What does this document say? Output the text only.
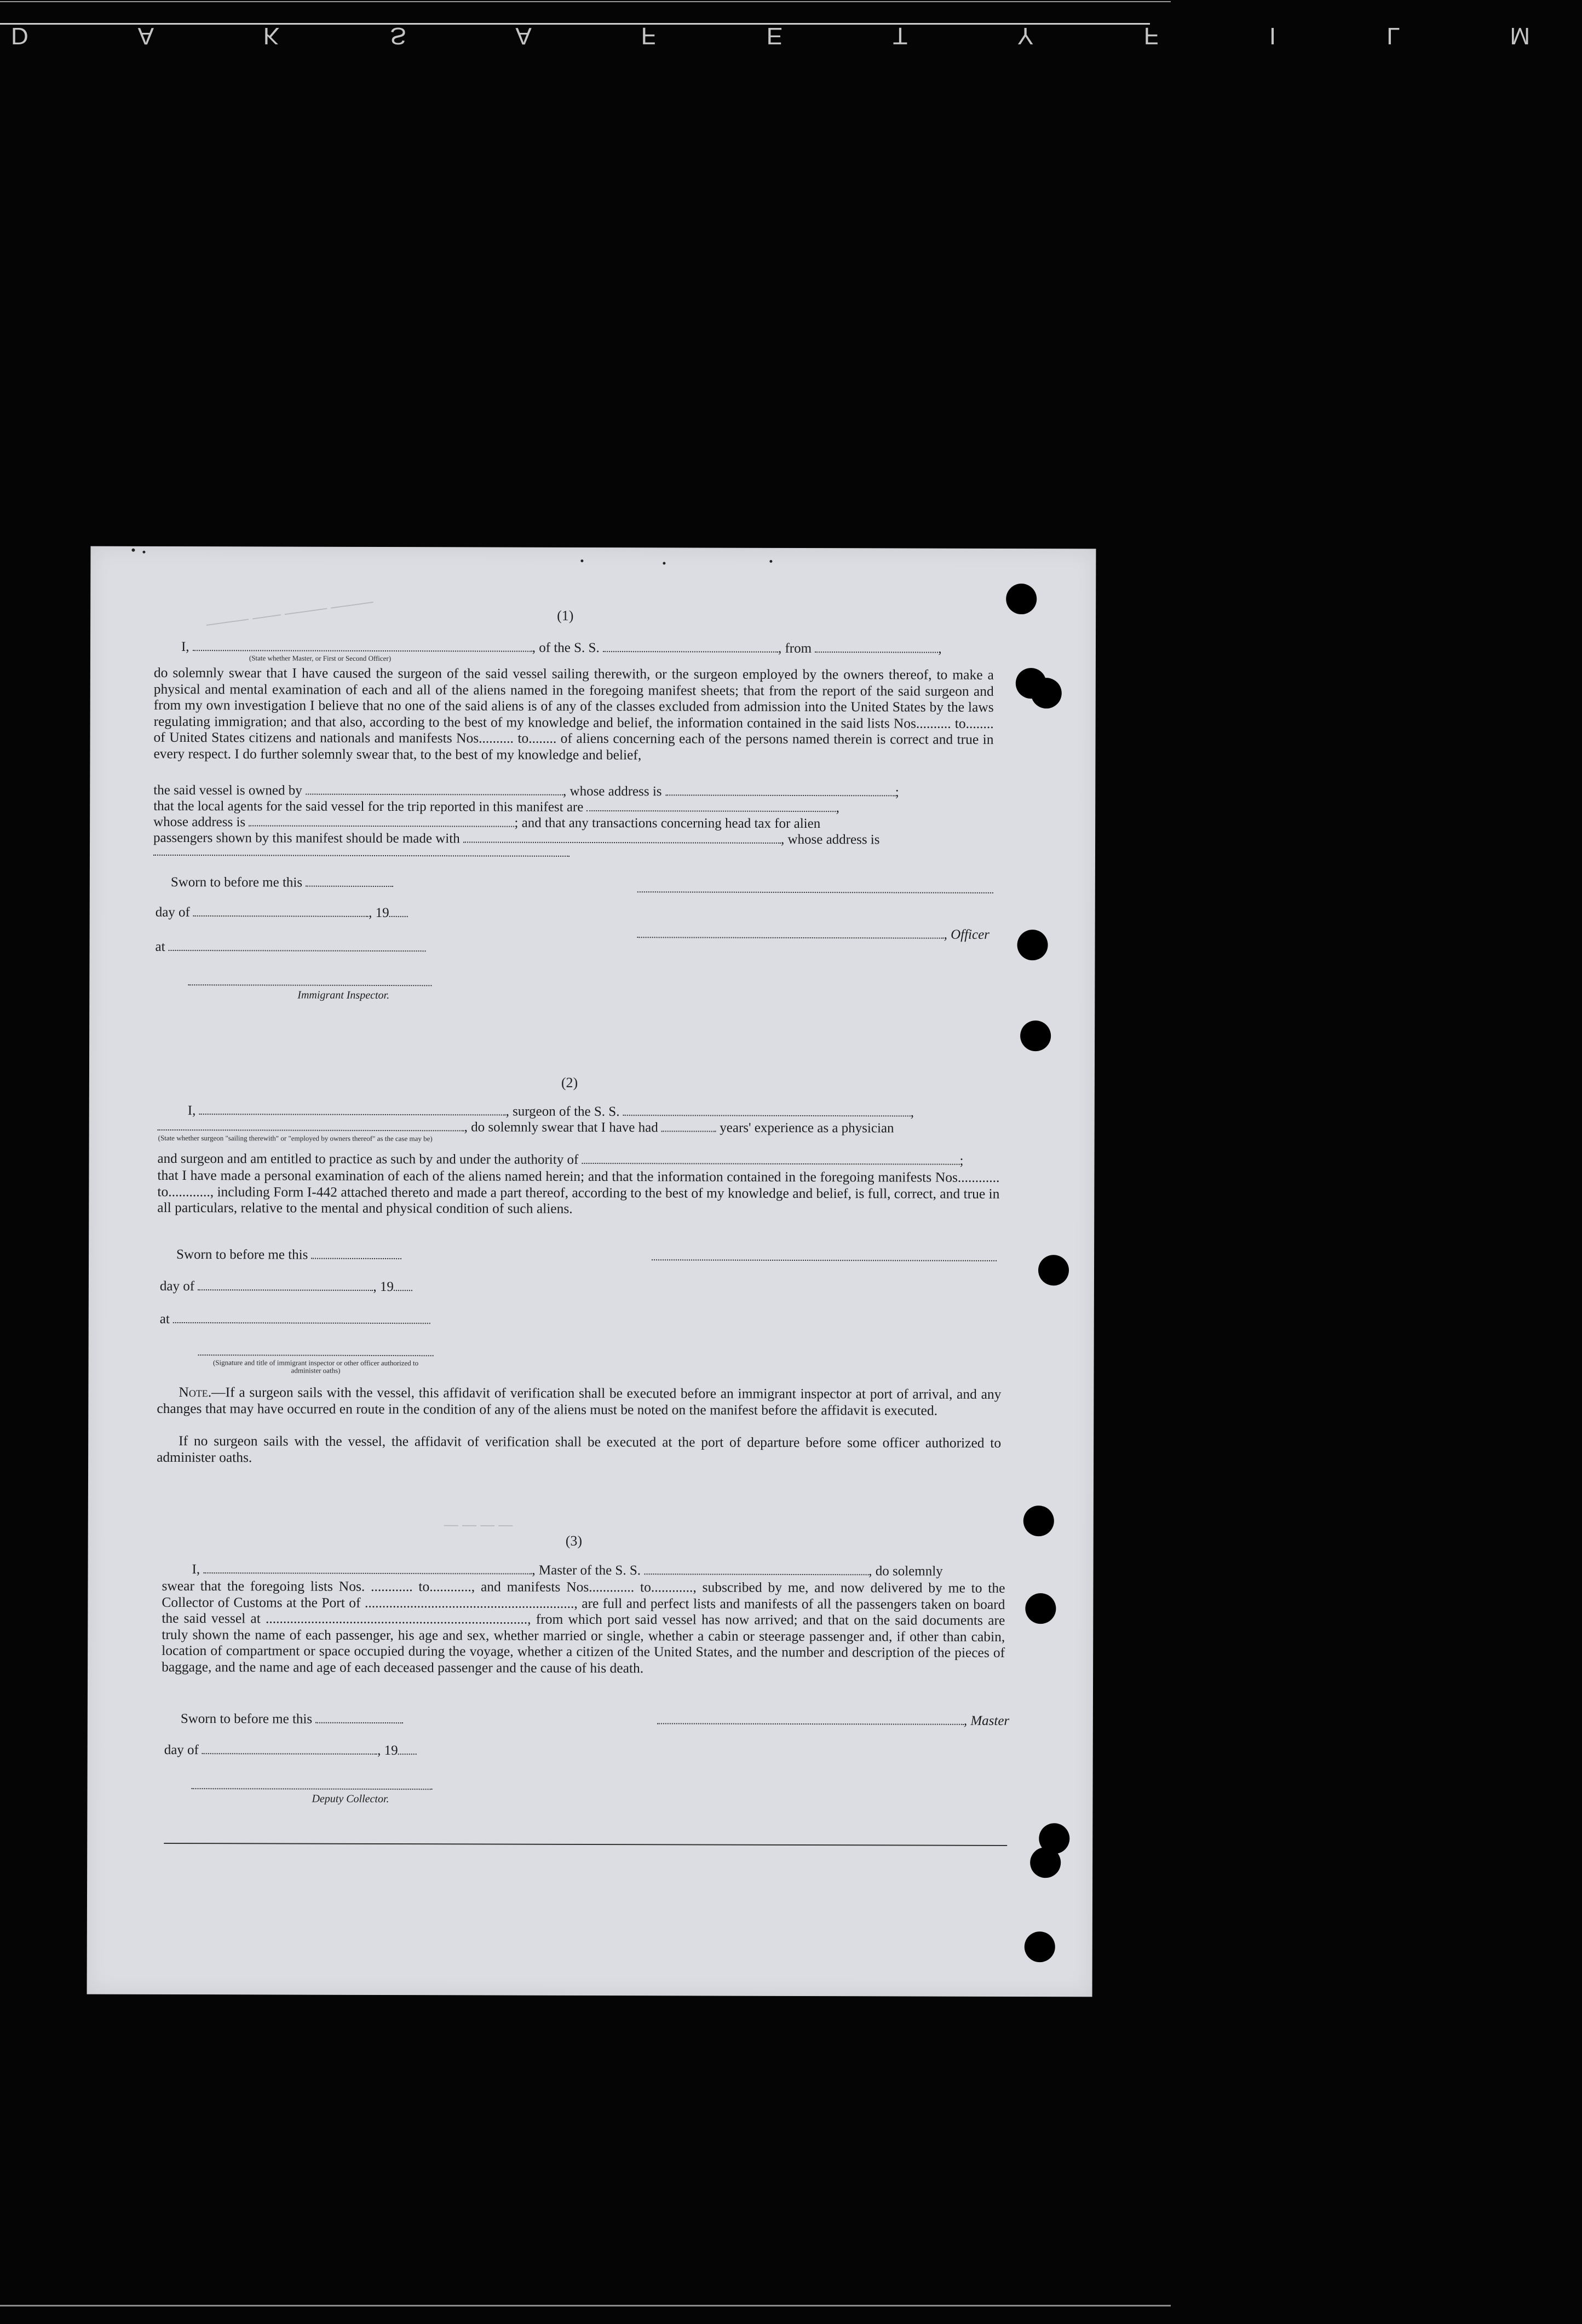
D A K S A F E T Y F I L M
——— —— ——— ———
— — — —
(1)
I,	, of the S. S.	, from	,
(State whether Master, or First or Second Officer)
do solemnly swear that I have caused the surgeon of the said vessel sailing therewith, or the surgeon employed by the owners thereof, to make a physical and mental examination of each and all of the aliens named in the foregoing manifest sheets; that from the report of the said surgeon and from my own investigation I believe that no one of the said aliens is of any of the classes excluded from admission into the United States by the laws regulating immigration; and that also, according to the best of my knowledge and belief, the information contained in the said lists Nos.......... to........ of United States citizens and nationals and manifests Nos.......... to........ of aliens concerning each of the persons named therein is correct and true in every respect. I do further solemnly swear that, to the best of my knowledge and belief,
the said vessel is owned by	, whose address is	;
that the local agents for the said vessel for the trip reported in this manifest are	,
whose address is	; and that any transactions concerning head tax for alien
passengers shown by this manifest should be made with	, whose address is
Sworn to before me this
day of	, 19
, Officer
at
Immigrant Inspector.
(2)
I,	, surgeon of the S. S.	,
, do solemnly swear that I have had	years' experience as a physician
(State whether surgeon "sailing therewith" or "employed by owners thereof" as the case may be)
and surgeon and am entitled to practice as such by and under the authority of	;
that I have made a personal examination of each of the aliens named herein; and that the information contained in the foregoing manifests Nos............ to............, including Form I-442 attached thereto and made a part thereof, according to the best of my knowledge and belief, is full, correct, and true in all particulars, relative to the mental and physical condition of such aliens.
Sworn to before me this
day of	, 19
at
(Signature and title of immigrant inspector or other officer authorized to administer oaths)
Note.—If a surgeon sails with the vessel, this affidavit of verification shall be executed before an immigrant inspector at port of arrival, and any changes that may have occurred en route in the condition of any of the aliens must be noted on the manifest before the affidavit is executed.
If no surgeon sails with the vessel, the affidavit of verification shall be executed at the port of departure before some officer authorized to administer oaths.
(3)
I,	, Master of the S. S.	, do solemnly
swear that the foregoing lists Nos. ............ to............, and manifests Nos............. to............, subscribed by me, and now delivered by me to the Collector of Customs at the Port of ............................................................, are full and perfect lists and manifests of all the passengers taken on board the said vessel at ..........................................................................., from which port said vessel has now arrived; and that on the said documents are truly shown the name of each passenger, his age and sex, whether married or single, whether a cabin or steerage passenger and, if other than cabin, location of compartment or space occupied during the voyage, whether a citizen of the United States, and the number and description of the pieces of baggage, and the name and age of each deceased passenger and the cause of his death.
Sworn to before me this	, Master
day of	, 19
Deputy Collector.
